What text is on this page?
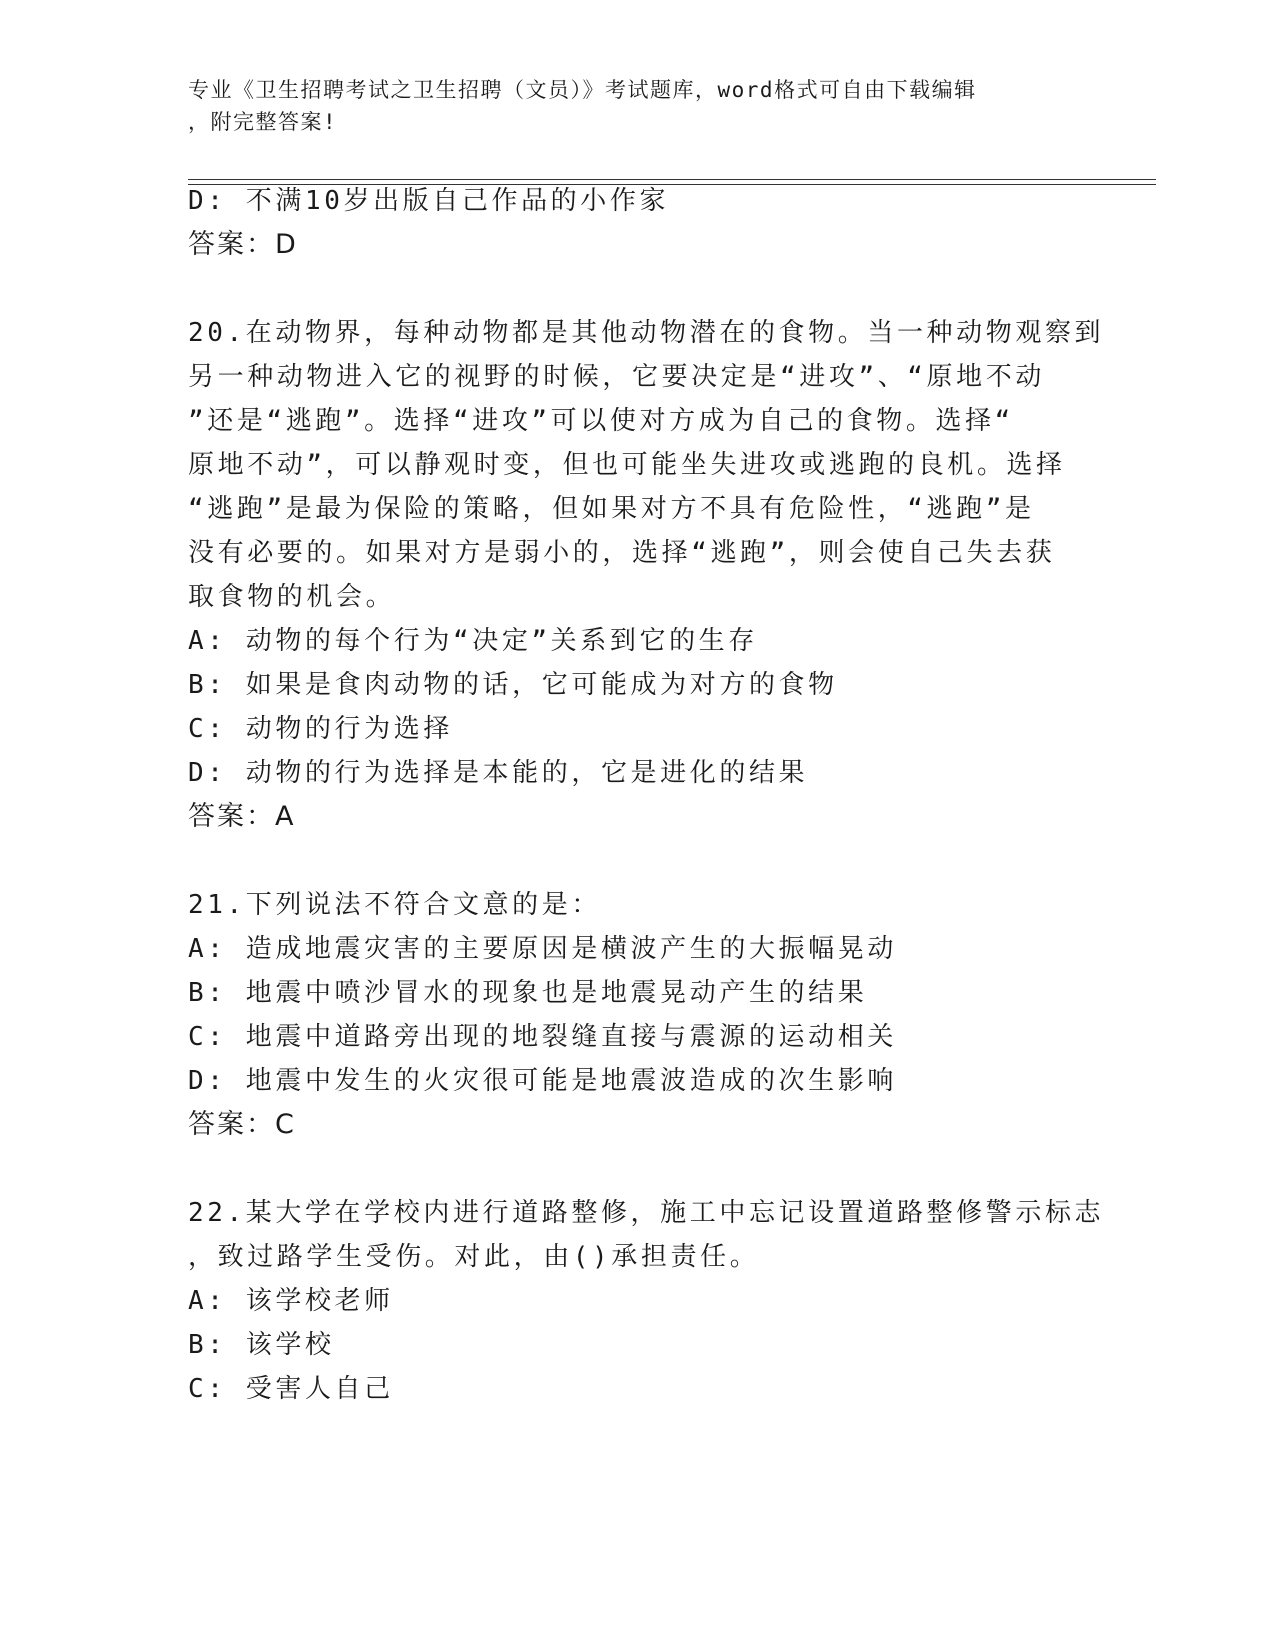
专业《卫生招聘考试之卫生招聘（文员）》考试题库，word格式可自由下载编辑
，附完整答案!
D: 不满10岁出版自己作品的小作家
答案：D
20.在动物界，每种动物都是其他动物潜在的食物。当一种动物观察到
另一种动物进入它的视野的时候，它要决定是“进攻”、“原地不动
”还是“逃跑”。选择“进攻”可以使对方成为自己的食物。选择“
原地不动”，可以静观时变，但也可能坐失进攻或逃跑的良机。选择
“逃跑”是最为保险的策略，但如果对方不具有危险性，“逃跑”是
没有必要的。如果对方是弱小的，选择“逃跑”，则会使自己失去获
取食物的机会。
A: 动物的每个行为“决定”关系到它的生存
B: 如果是食肉动物的话，它可能成为对方的食物
C: 动物的行为选择
D: 动物的行为选择是本能的，它是进化的结果
答案：A
21.下列说法不符合文意的是：
A: 造成地震灾害的主要原因是横波产生的大振幅晃动
B: 地震中喷沙冒水的现象也是地震晃动产生的结果
C: 地震中道路旁出现的地裂缝直接与震源的运动相关
D: 地震中发生的火灾很可能是地震波造成的次生影响
答案：C
22.某大学在学校内进行道路整修，施工中忘记设置道路整修警示标志
，致过路学生受伤。对此，由()承担责任。
A: 该学校老师
B: 该学校
C: 受害人自己
